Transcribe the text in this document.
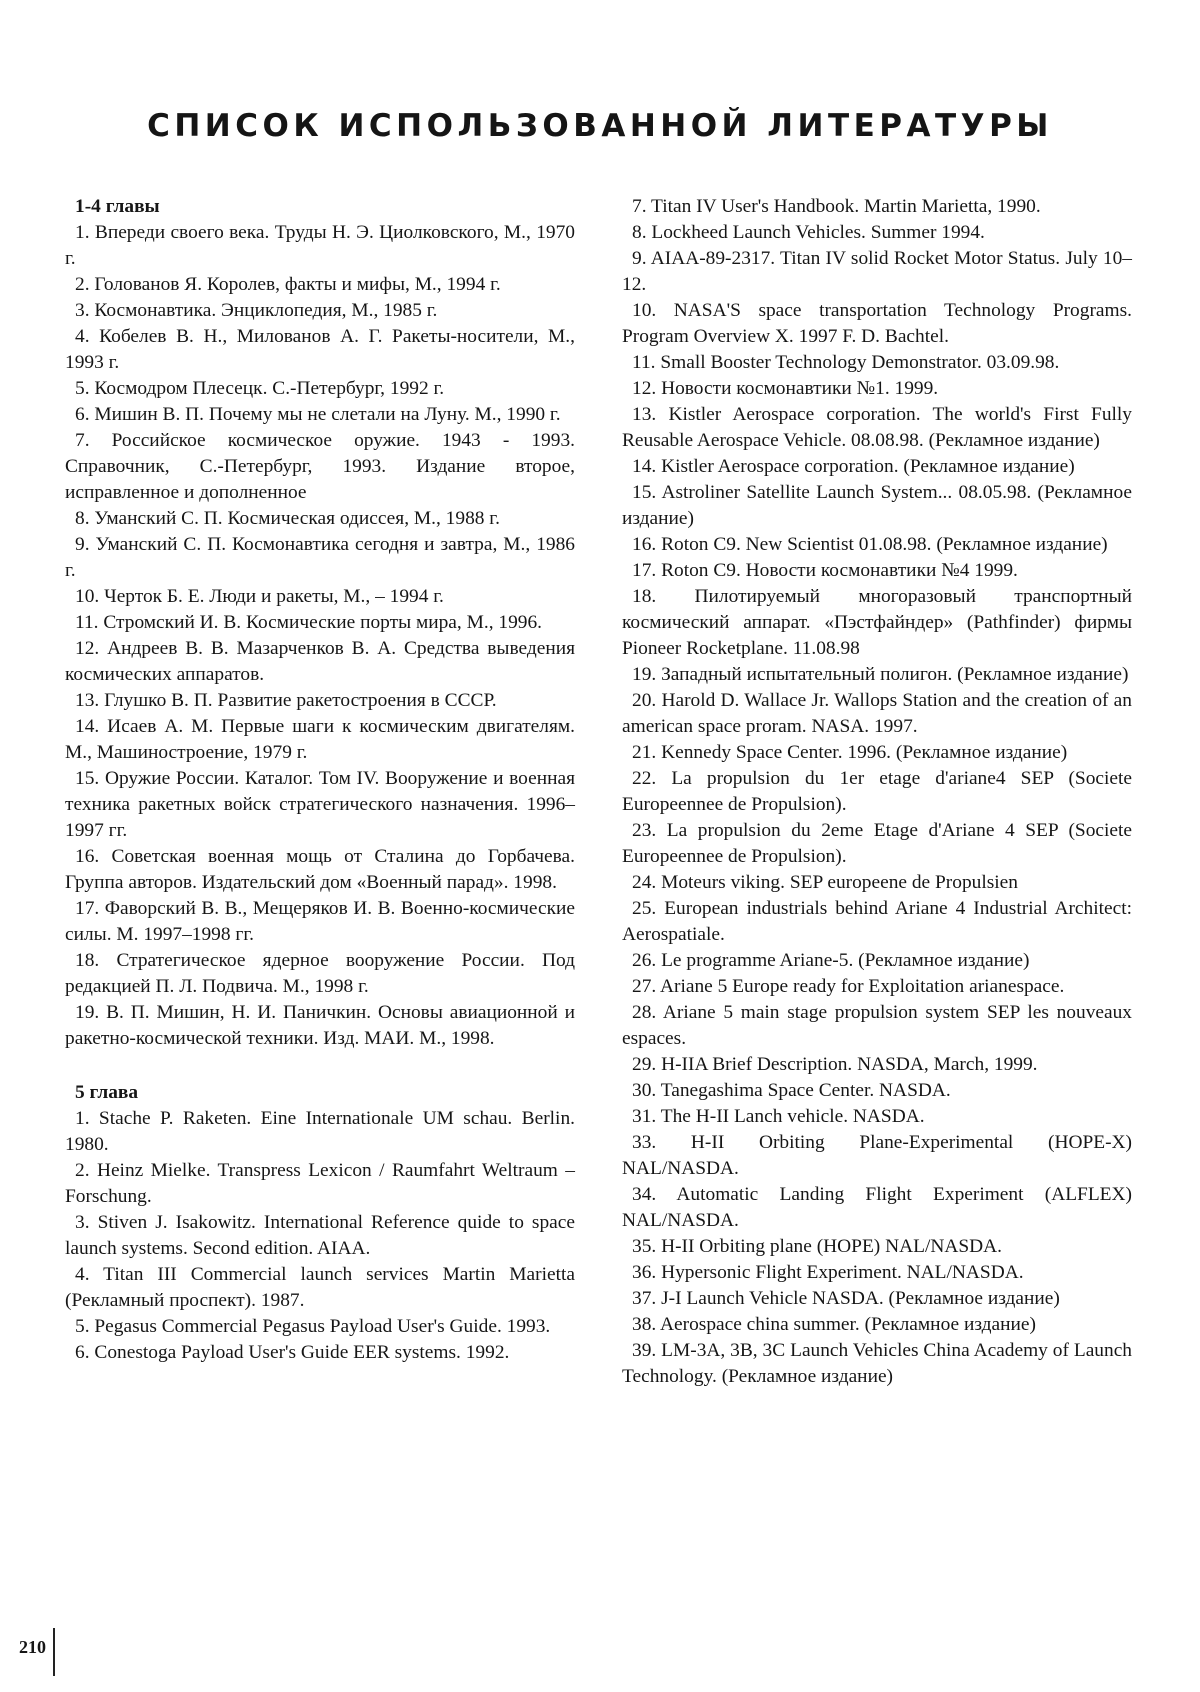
СПИСОК ИСПОЛЬЗОВАННОЙ ЛИТЕРАТУРЫ
1-4 главы

1. Впереди своего века. Труды Н. Э. Циолковского, М., 1970 г.

2. Голованов Я. Королев, факты и мифы, М., 1994 г.

3. Космонавтика. Энциклопедия, М., 1985 г.

4. Кобелев В. Н., Милованов А. Г. Ракеты-носители, М., 1993 г.

5. Космодром Плесецк. С.-Петербург, 1992 г.

6. Мишин В. П. Почему мы не слетали на Луну. М., 1990 г.

7. Российское космическое оружие. 1943 - 1993. Справочник, С.-Петербург, 1993. Издание второе, исправленное и дополненное

8. Уманский С. П. Космическая одиссея, М., 1988 г.

9. Уманский С. П. Космонавтика сегодня и завтра, М., 1986 г.

10. Черток Б. Е. Люди и ракеты, М., – 1994 г.

11. Стромский И. В. Космические порты мира, М., 1996.

12. Андреев В. В. Мазарченков В. А. Средства выведения космических аппаратов.

13. Глушко В. П. Развитие ракетостроения в СССР.

14. Исаев А. М. Первые шаги к космическим двигателям. М., Машиностроение, 1979 г.

15. Оружие России. Каталог. Том IV. Вооружение и военная техника ракетных войск стратегического назначения. 1996–1997 гг.

16. Советская военная мощь от Сталина до Горбачева. Группа авторов. Издательский дом «Военный парад». 1998.

17. Фаворский В. В., Мещеряков И. В. Военно-космические силы. М. 1997–1998 гг.

18. Стратегическое ядерное вооружение России. Под редакцией П. Л. Подвича. М., 1998 г.

19. В. П. Мишин, Н. И. Паничкин. Основы авиационной и ракетно-космической техники. Изд. МАИ. М., 1998.

5 глава

1. Stache P. Raketen. Eine Internationale UM schau. Berlin. 1980.

2. Heinz Mielke. Transpress Lexicon / Raumfahrt Weltraum – Forschung.

3. Stiven J. Isakowitz. International Reference quide to space launch systems. Second edition. AIAA.

4. Titan III Commercial launch services Martin Marietta (Рекламный проспект). 1987.

5. Pegasus Commercial Pegasus Payload User's Guide. 1993.

6. Conestoga Payload User's Guide EER systems. 1992.

7. Titan IV User's Handbook. Martin Marietta, 1990.

8. Lockheed Launch Vehicles. Summer 1994.

9. AIAA-89-2317. Titan IV solid Rocket Motor Status. July 10–12.

10. NASA'S space transportation Technology Programs. Program Overview X. 1997 F. D. Bachtel.

11. Small Booster Technology Demonstrator. 03.09.98.

12. Новости космонавтики №1. 1999.

13. Kistler Aerospace corporation. The world's First Fully Reusable Aerospace Vehicle. 08.08.98. (Рекламное издание)

14. Kistler Aerospace corporation. (Рекламное издание)

15. Astroliner Satellite Launch System... 08.05.98. (Рекламное издание)

16. Roton C9. New Scientist 01.08.98. (Рекламное издание)

17. Roton C9. Новости космонавтики №4 1999.

18. Пилотируемый многоразовый транспортный космический аппарат. «Пэстфайндер» (Pathfinder) фирмы Pioneer Rocketplane. 11.08.98

19. Западный испытательный полигон. (Рекламное издание)

20. Harold D. Wallace Jr. Wallops Station and the creation of an american space proram. NASA. 1997.

21. Kennedy Space Center. 1996. (Рекламное издание)

22. La propulsion du 1er etage d'ariane4 SEP (Societe Europeennee de Propulsion).

23. La propulsion du 2eme Etage d'Ariane 4 SEP (Societe Europeennee de Propulsion).

24. Moteurs viking. SEP europeene de Propulsien

25. European industrials behind Ariane 4 Industrial Architect: Aerospatiale.

26. Le programme Ariane-5. (Рекламное издание)

27. Ariane 5 Europe ready for Exploitation arianespace.

28. Ariane 5 main stage propulsion system SEP les nouveaux espaces.

29. H-IIA Brief Description. NASDA, March, 1999.

30. Tanegashima Space Center. NASDA.

31. The H-II Lanch vehicle. NASDA.

33. H-II Orbiting Plane-Experimental (HOPE-X) NAL/NASDA.

34. Automatic Landing Flight Experiment (ALFLEX) NAL/NASDA.

35. H-II Orbiting plane (HOPE) NAL/NASDA.

36. Hypersonic Flight Experiment. NAL/NASDA.

37. J-I Launch Vehicle NASDA. (Рекламное издание)

38. Aerospace china summer. (Рекламное издание)

39. LM-3A, 3B, 3C Launch Vehicles China Academy of Launch Technology. (Рекламное издание)

210
